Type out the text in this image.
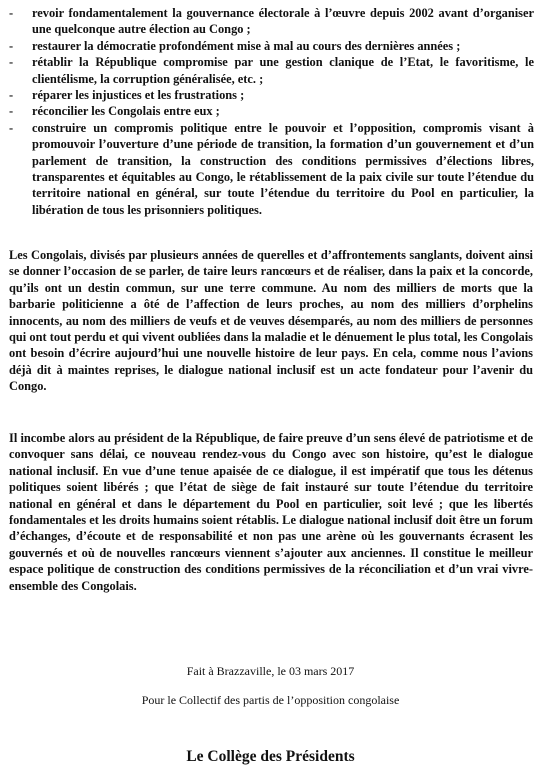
-	revoir fondamentalement la gouvernance électorale à l’œuvre depuis 2002 avant d’organiser une quelconque autre élection au Congo ;
-	restaurer la démocratie profondément mise à mal au cours des dernières années ;
-	rétablir la République compromise par une gestion clanique de l’Etat, le favoritisme, le clientélisme, la corruption généralisée, etc. ;
-	réparer les injustices et les frustrations ;
-	réconcilier les Congolais entre eux ;
-	construire un compromis politique entre le pouvoir et l’opposition, compromis visant à promouvoir l’ouverture d’une période de transition, la formation d’un gouvernement et d’un parlement de transition, la construction des conditions permissives d’élections libres, transparentes et équitables au Congo, le rétablissement de la paix civile sur toute l’étendue du territoire national en général, sur toute l’étendue du territoire du Pool en particulier, la libération de tous les prisonniers politiques.

Les Congolais, divisés par plusieurs années de querelles et d’affrontements sanglants, doivent ainsi se donner l’occasion de se parler, de taire leurs rancœurs et de réaliser, dans la paix et la concorde, qu’ils ont un destin commun, sur une terre commune. Au nom des milliers de morts que la barbarie politicienne a ôté de l’affection de leurs proches, au nom des milliers d’orphelins innocents, au nom des milliers de veufs et de veuves désemparés, au nom des milliers de personnes qui ont tout perdu et qui vivent oubliées dans la maladie et le dénuement le plus total, les Congolais ont besoin d’écrire aujourd’hui une nouvelle histoire de leur pays. En cela, comme nous l’avions déjà dit à maintes reprises, le dialogue national inclusif est un acte fondateur pour l’avenir du Congo.

Il incombe alors au président de la République, de faire preuve d’un sens élevé de patriotisme et de convoquer sans délai, ce nouveau rendez-vous du Congo avec son histoire, qu’est le dialogue national inclusif. En vue d’une tenue apaisée de ce dialogue, il est impératif que tous les détenus politiques soient libérés ; que l’état de siège de fait instauré sur toute l’étendue du territoire national en général et dans le département du Pool en particulier, soit levé ; que les libertés fondamentales et les droits humains soient rétablis. Le dialogue national inclusif doit être un forum d’échanges, d’écoute et de responsabilité et non pas une arène où les gouvernants écrasent les gouvernés et où de nouvelles rancœurs viennent s’ajouter aux anciennes. Il constitue le meilleur espace politique de construction des conditions permissives de la réconciliation et d’un vrai vivre-ensemble des Congolais.

Fait à Brazzaville, le 03 mars 2017
Pour le Collectif des partis de l’opposition congolaise
Le Collège des Présidents
